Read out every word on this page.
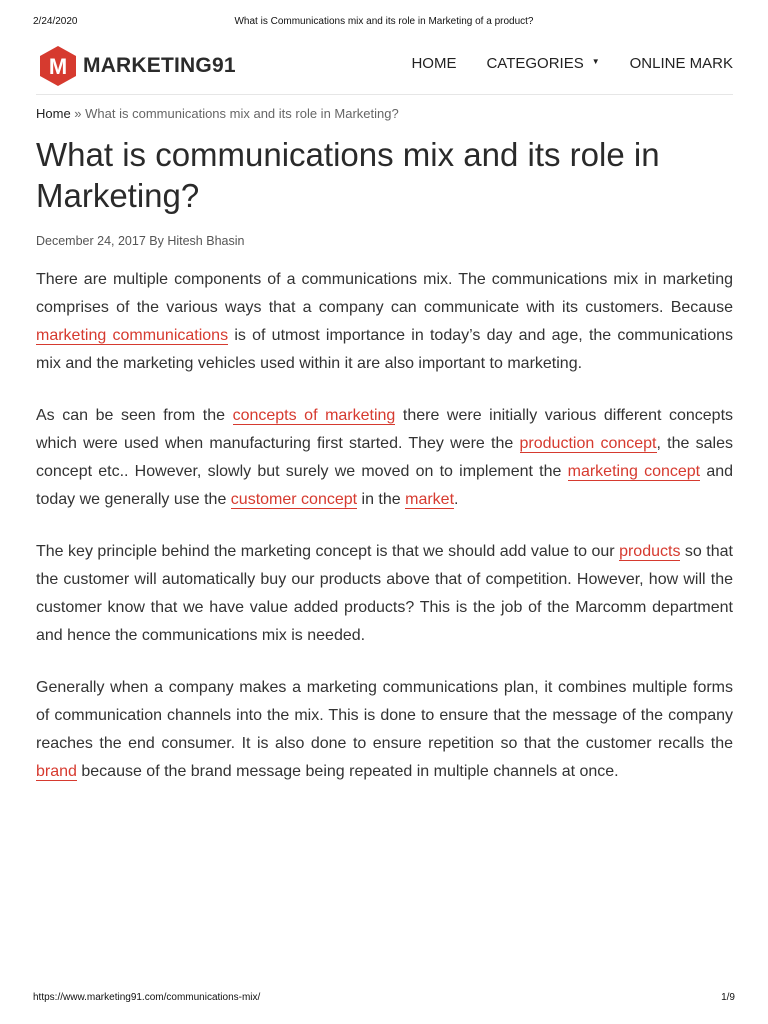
2/24/2020	What is Communications mix and its role in Marketing of a product?
M MARKETING91	HOME CATEGORIES ▼ ONLINE MARK
Home » What is communications mix and its role in Marketing?
What is communications mix and its role in Marketing?
December 24, 2017 By Hitesh Bhasin

There are multiple components of a communications mix. The communications mix in marketing comprises of the various ways that a company can communicate with its customers. Because marketing communications is of utmost importance in today’s day and age, the communications mix and the marketing vehicles used within it are also important to marketing.

As can be seen from the concepts of marketing there were initially various different concepts which were used when manufacturing first started. They were the production concept, the sales concept etc.. However, slowly but surely we moved on to implement the marketing concept and today we generally use the customer concept in the market.

The key principle behind the marketing concept is that we should add value to our products so that the customer will automatically buy our products above that of competition. However, how will the customer know that we have value added products? This is the job of the Marcomm department and hence the communications mix is needed.

Generally when a company makes a marketing communications plan, it combines multiple forms of communication channels into the mix. This is done to ensure that the message of the company reaches the end consumer. It is also done to ensure repetition so that the customer recalls the brand because of the brand message being repeated in multiple channels at once.

https://www.marketing91.com/communications-mix/	1/9
